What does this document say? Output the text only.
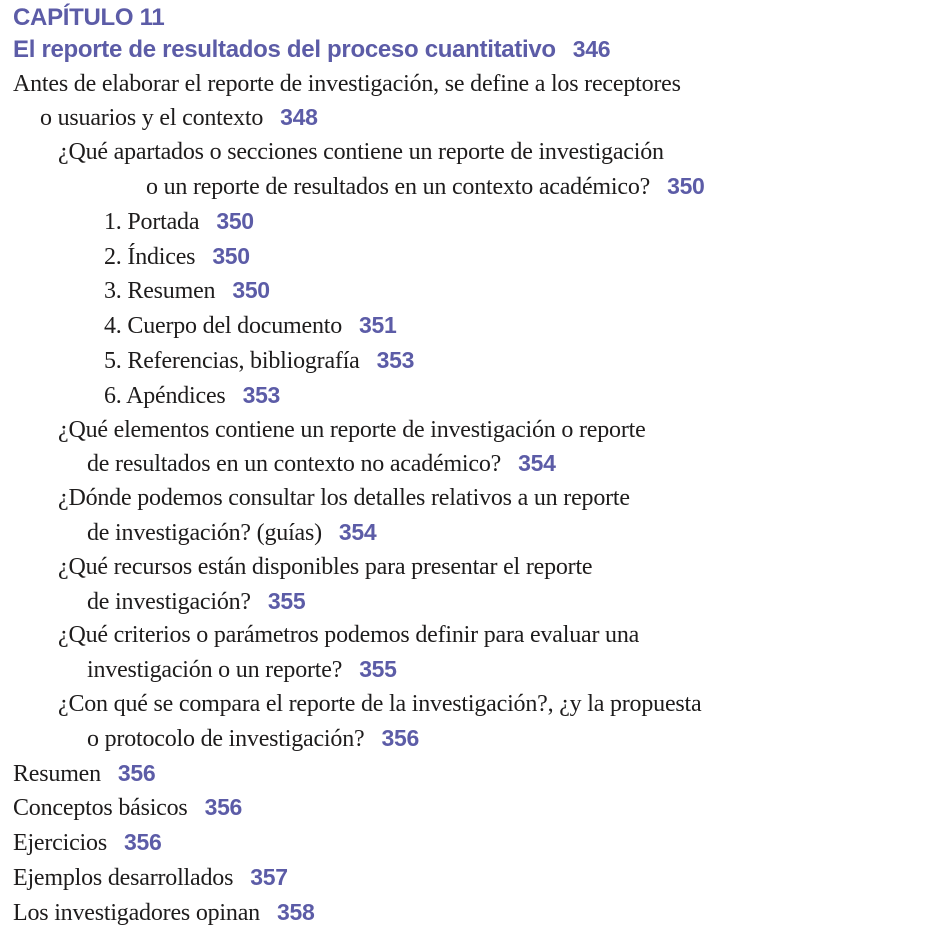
CAPÍTULO 11
El reporte de resultados del proceso cuantitativo 346
Antes de elaborar el reporte de investigación, se define a los receptores
o usuarios y el contexto 348
¿Qué apartados o secciones contiene un reporte de investigación
o un reporte de resultados en un contexto académico? 350
1. Portada 350
2. Índices 350
3. Resumen 350
4. Cuerpo del documento 351
5. Referencias, bibliografía 353
6. Apéndices 353
¿Qué elementos contiene un reporte de investigación o reporte
de resultados en un contexto no académico? 354
¿Dónde podemos consultar los detalles relativos a un reporte
de investigación? (guías) 354
¿Qué recursos están disponibles para presentar el reporte
de investigación? 355
¿Qué criterios o parámetros podemos definir para evaluar una
investigación o un reporte? 355
¿Con qué se compara el reporte de la investigación?, ¿y la propuesta
o protocolo de investigación? 356
Resumen 356
Conceptos básicos 356
Ejercicios 356
Ejemplos desarrollados 357
Los investigadores opinan 358
